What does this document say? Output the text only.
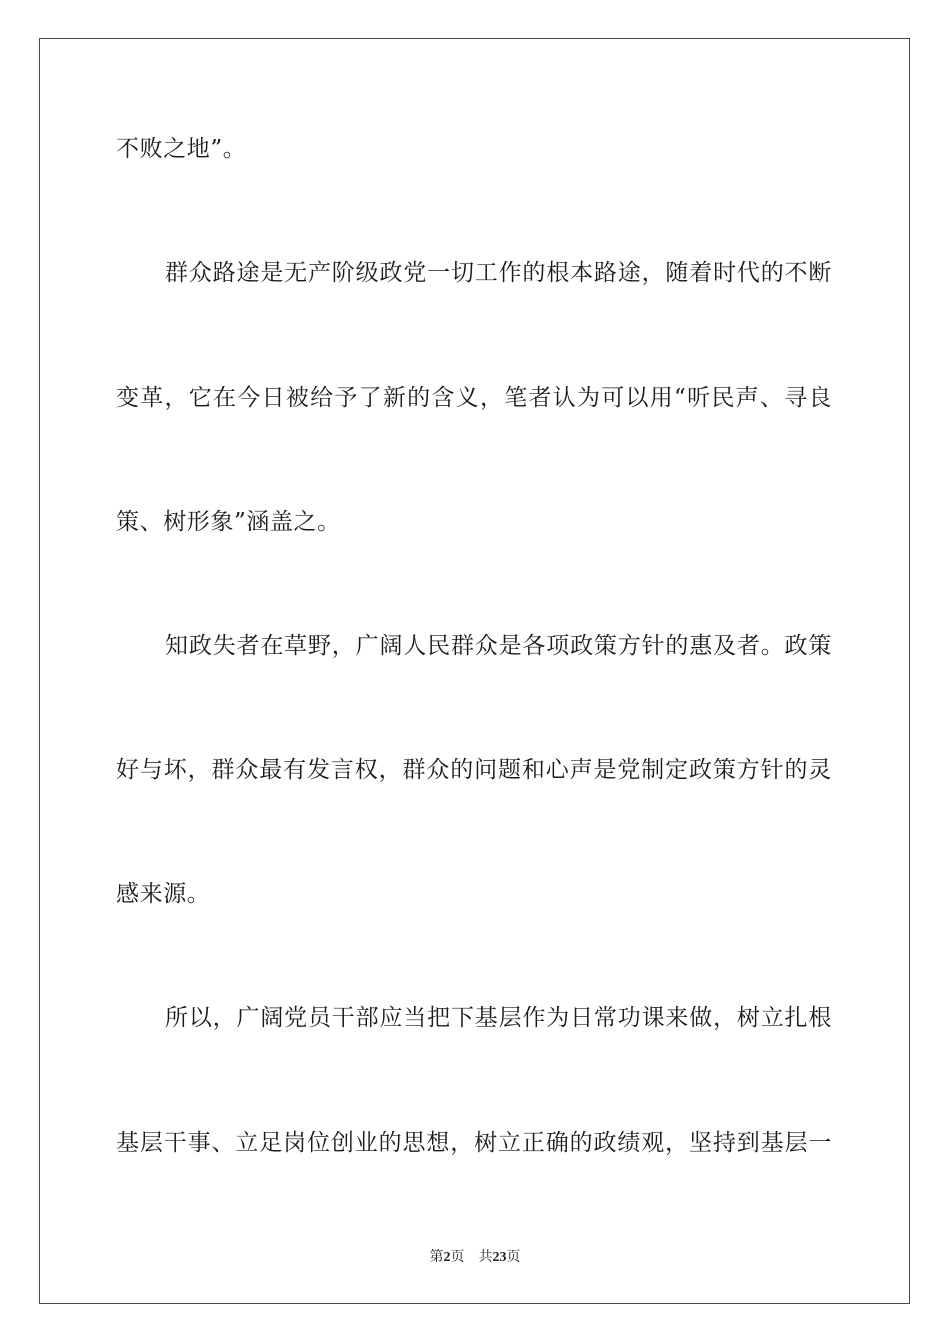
不败之地”。
群众路途是无产阶级政党一切工作的根本路途，随着时代的不断
变革，它在今日被给予了新的含义，笔者认为可以用“听民声、寻良
策、树形象”涵盖之。
知政失者在草野，广阔人民群众是各项政策方针的惠及者。政策
好与坏，群众最有发言权，群众的问题和心声是党制定政策方针的灵
感来源。
所以，广阔党员干部应当把下基层作为日常功课来做，树立扎根
基层干事、立足岗位创业的思想，树立正确的政绩观，坚持到基层一
第2页 共23页
